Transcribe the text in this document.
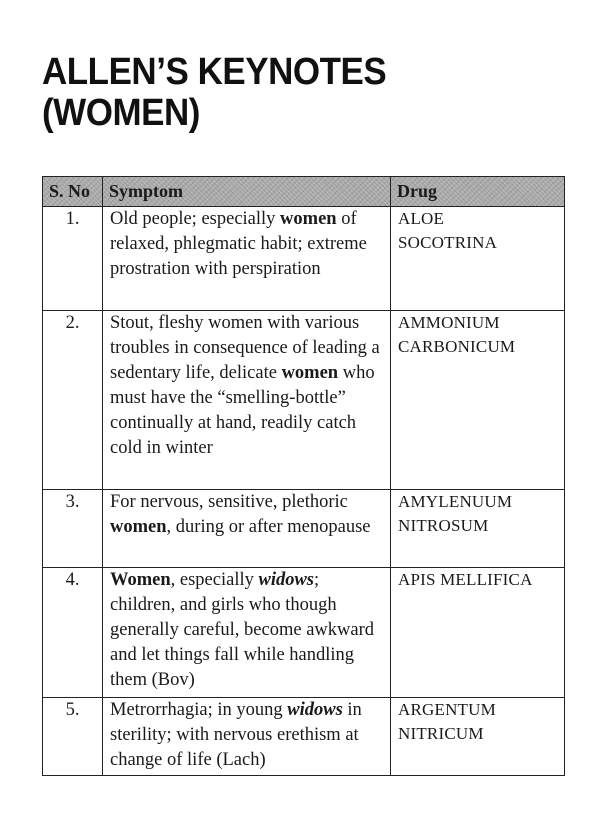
ALLEN’S KEYNOTES
(WOMEN)
S. No	Symptom	Drug
1.	Old people; especially women of relaxed, phlegmatic habit; extreme prostration with perspiration	ALOE
SOCOTRINA
2.	Stout, fleshy women with various troubles in consequence of leading a sedentary life, delicate women who must have the “smelling-bottle” continually at hand, readily catch cold in winter	AMMONIUM
CARBONICUM
3.	For nervous, sensitive, plethoric women, during or after menopause	AMYLENUUM
NITROSUM
4.	Women, especially widows; children, and girls who though generally careful, become awkward and let things fall while handling them (Bov)	APIS MELLIFICA
5.	Metrorrhagia; in young widows in sterility; with nervous erethism at change of life (Lach)	ARGENTUM
NITRICUM
